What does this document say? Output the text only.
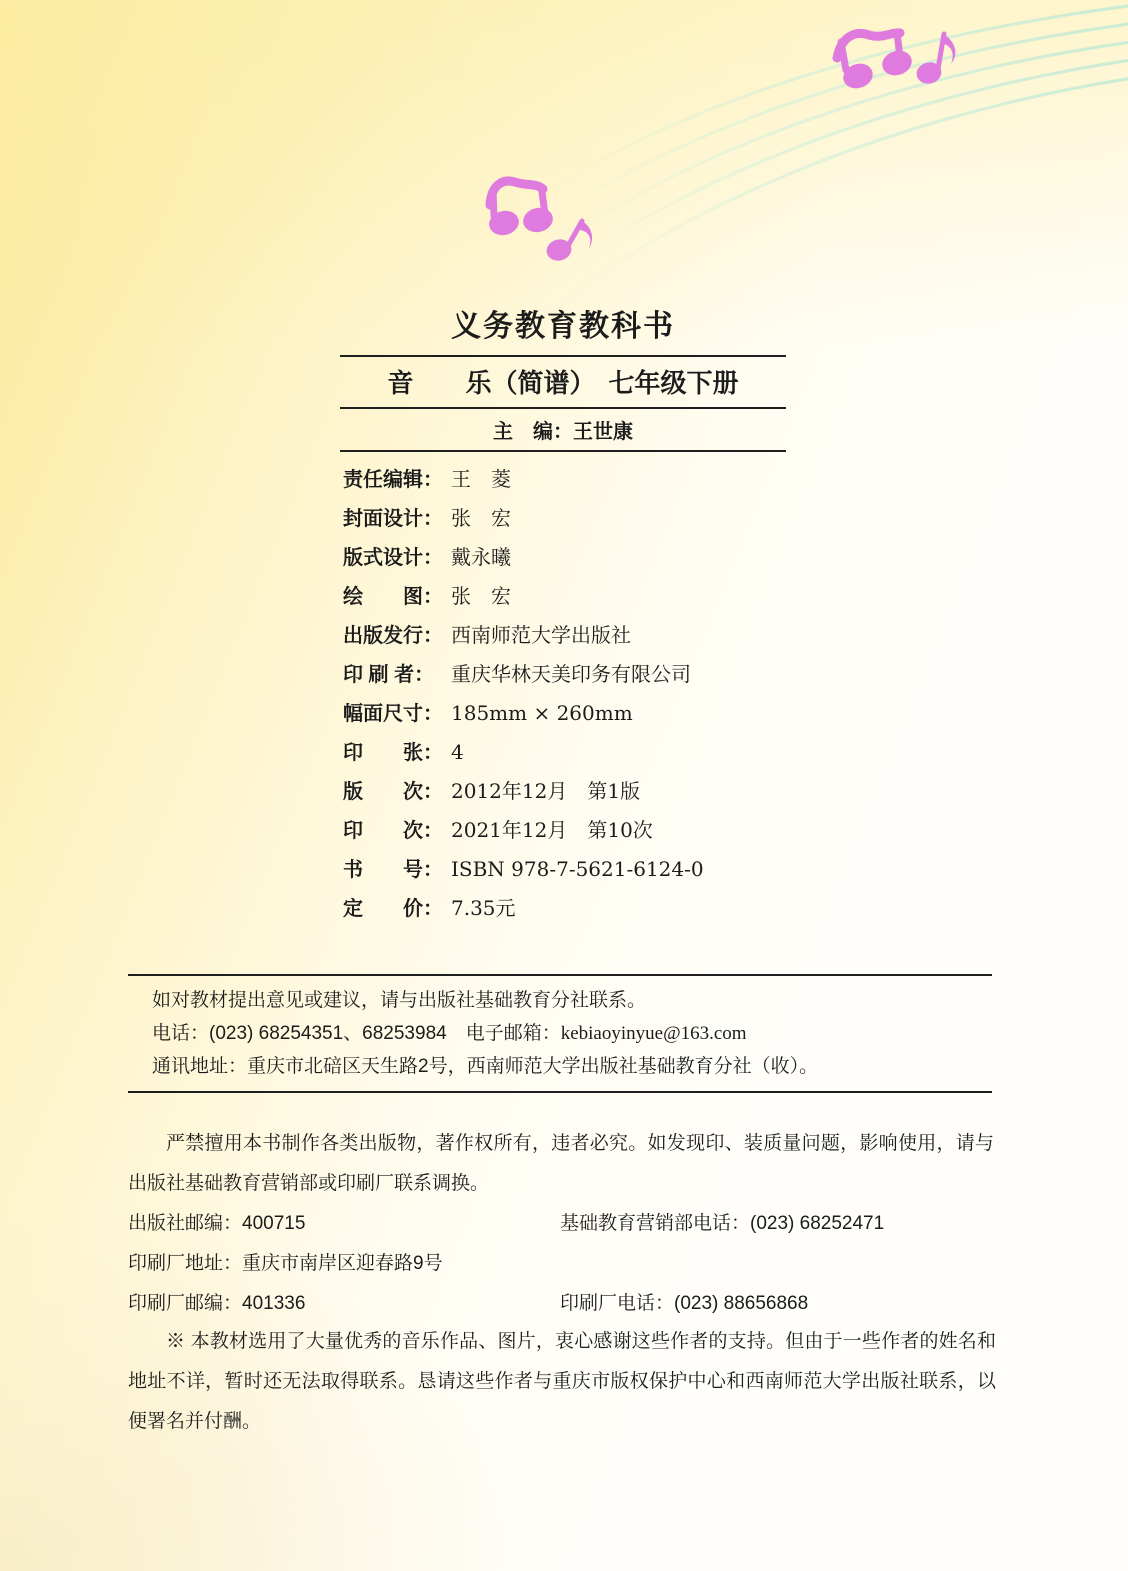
义务教育教科书
音　　乐（简谱）　七年级下册
主　编：王世康
责任编辑： 王　菱
封面设计： 张　宏
版式设计： 戴永曦
绘　　图： 张　宏
出版发行： 西南师范大学出版社
印 刷 者： 重庆华林天美印务有限公司
幅面尺寸： 185mm × 260mm
印　　张： 4
版　　次： 2012年12月　第1版
印　　次： 2021年12月　第10次
书　　号： ISBN 978-7-5621-6124-0
定　　价： 7.35元

如对教材提出意见或建议，请与出版社基础教育分社联系。

电话：(023) 68254351、68253984　电子邮箱：kebiaoyinyue@163.com

通讯地址：重庆市北碚区天生路2号，西南师范大学出版社基础教育分社（收）。

严禁擅用本书制作各类出版物，著作权所有，违者必究。如发现印、装质量问题，影响使用，请与出版社基础教育营销部或印刷厂联系调换。

出版社邮编：400715	基础教育营销部电话：(023) 68252471
印刷厂地址：重庆市南岸区迎春路9号
印刷厂邮编：401336	印刷厂电话：(023) 88656868

※ 本教材选用了大量优秀的音乐作品、图片，衷心感谢这些作者的支持。但由于一些作者的姓名和地址不详，暂时还无法取得联系。恳请这些作者与重庆市版权保护中心和西南师范大学出版社联系，以便署名并付酬。
